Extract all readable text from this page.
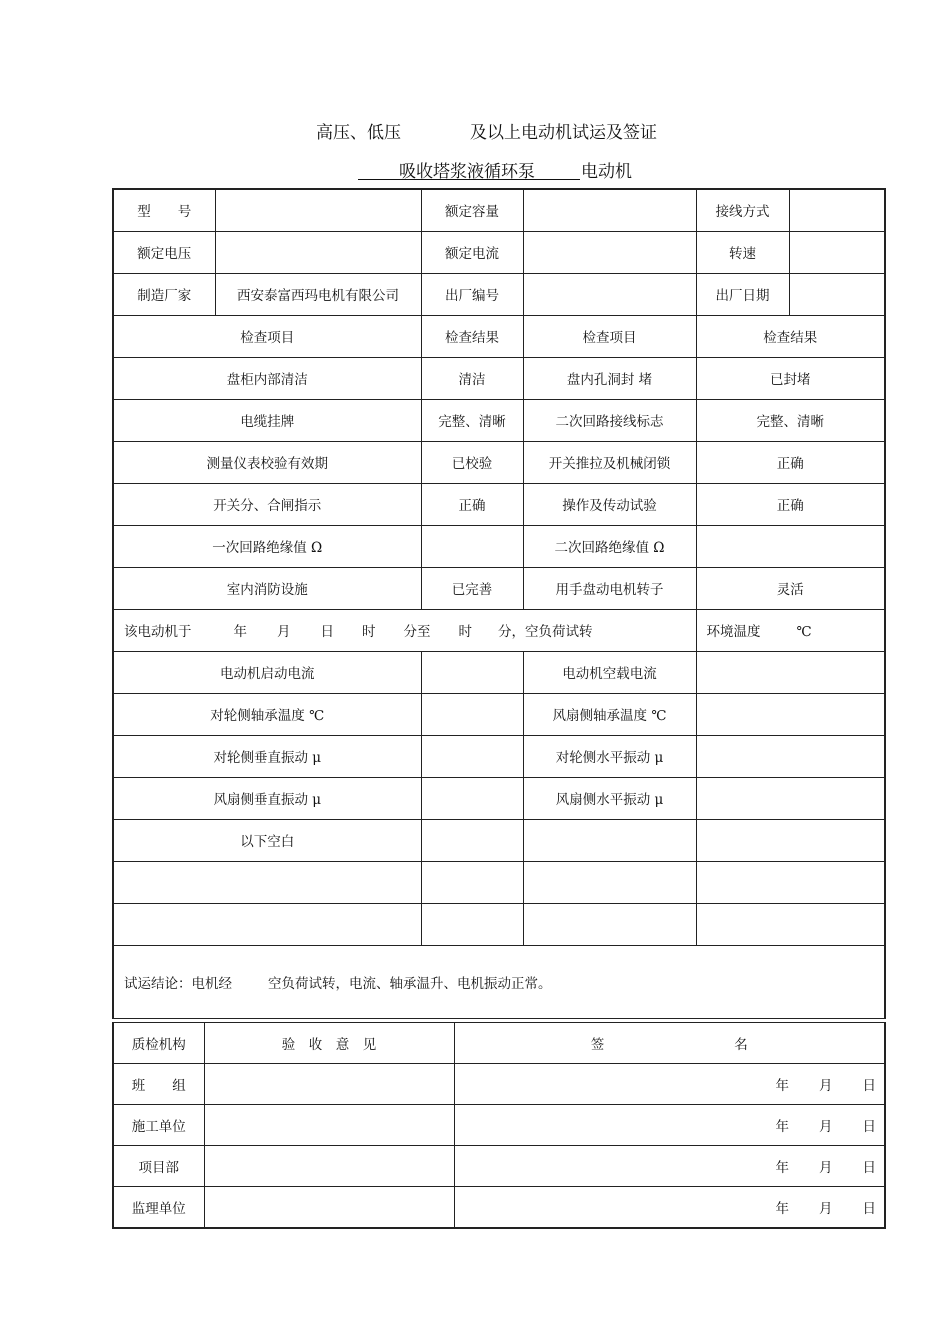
高压、低压	及以上电动机试运及签证
吸收塔浆液循环泵	电动机
型　　号		额定容量		接线方式	
额定电压		额定电流		转速	
制造厂家	西安泰富西玛电机有限公司	出厂编号		出厂日期	
检查项目		检查结果	检查项目	检查结果	
盘柜内部清洁		清洁	盘内孔洞封 堵	已封堵	
电缆挂牌		完整、清晰	二次回路接线标志	完整、清晰	
测量仪表校验有效期		已校验	开关推拉及机械闭锁	正确	
开关分、合闸指示		正确	操作及传动试验	正确	
一次回路绝缘值 Ω			二次回路绝缘值 Ω		
室内消防设施		已完善	用手盘动电机转子	灵活	
该电动机于 年 月 日 时 分至 时 分，空负荷试转				环境温度 ℃	
电动机启动电流			电动机空载电流		
对轮侧轴承温度 ℃			风扇侧轴承温度 ℃		
对轮侧垂直振动 μ			对轮侧水平振动 μ		
风扇侧垂直振动 μ			风扇侧水平振动 μ		
以下空白					

试运结论：电机经 空负荷试转，电流、轴承温升、电机振动正常。					
质检机构	验　收　意　见	签 名
班　　组		年 月 日
施工单位		年 月 日
项目部		年 月 日
监理单位		年 月 日
